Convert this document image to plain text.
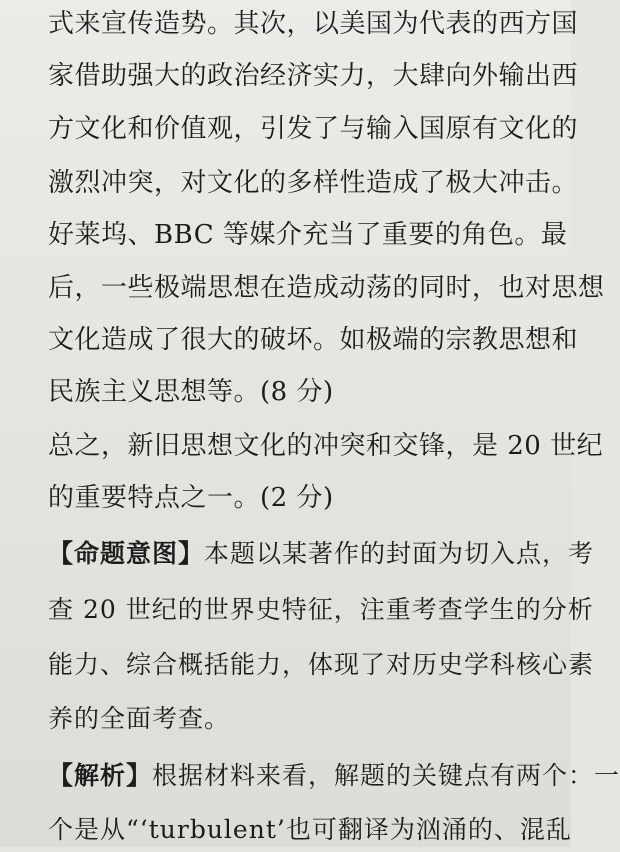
式来宣传造势。其次，以美国为代表的西方国
家借助强大的政治经济实力，大肆向外输出西
方文化和价值观，引发了与输入国原有文化的
激烈冲突，对文化的多样性造成了极大冲击。
好莱坞、BBC 等媒介充当了重要的角色。最
后，一些极端思想在造成动荡的同时，也对思想
文化造成了很大的破坏。如极端的宗教思想和
民族主义思想等。(8 分)
总之，新旧思想文化的冲突和交锋，是 20 世纪
的重要特点之一。(2 分)
【命题意图】本题以某著作的封面为切入点，考
查 20 世纪的世界史特征，注重考查学生的分析
能力、综合概括能力，体现了对历史学科核心素
养的全面考查。
【解析】根据材料来看，解题的关键点有两个：一
个是从“‘turbulent’也可翻译为汹涌的、混乱
